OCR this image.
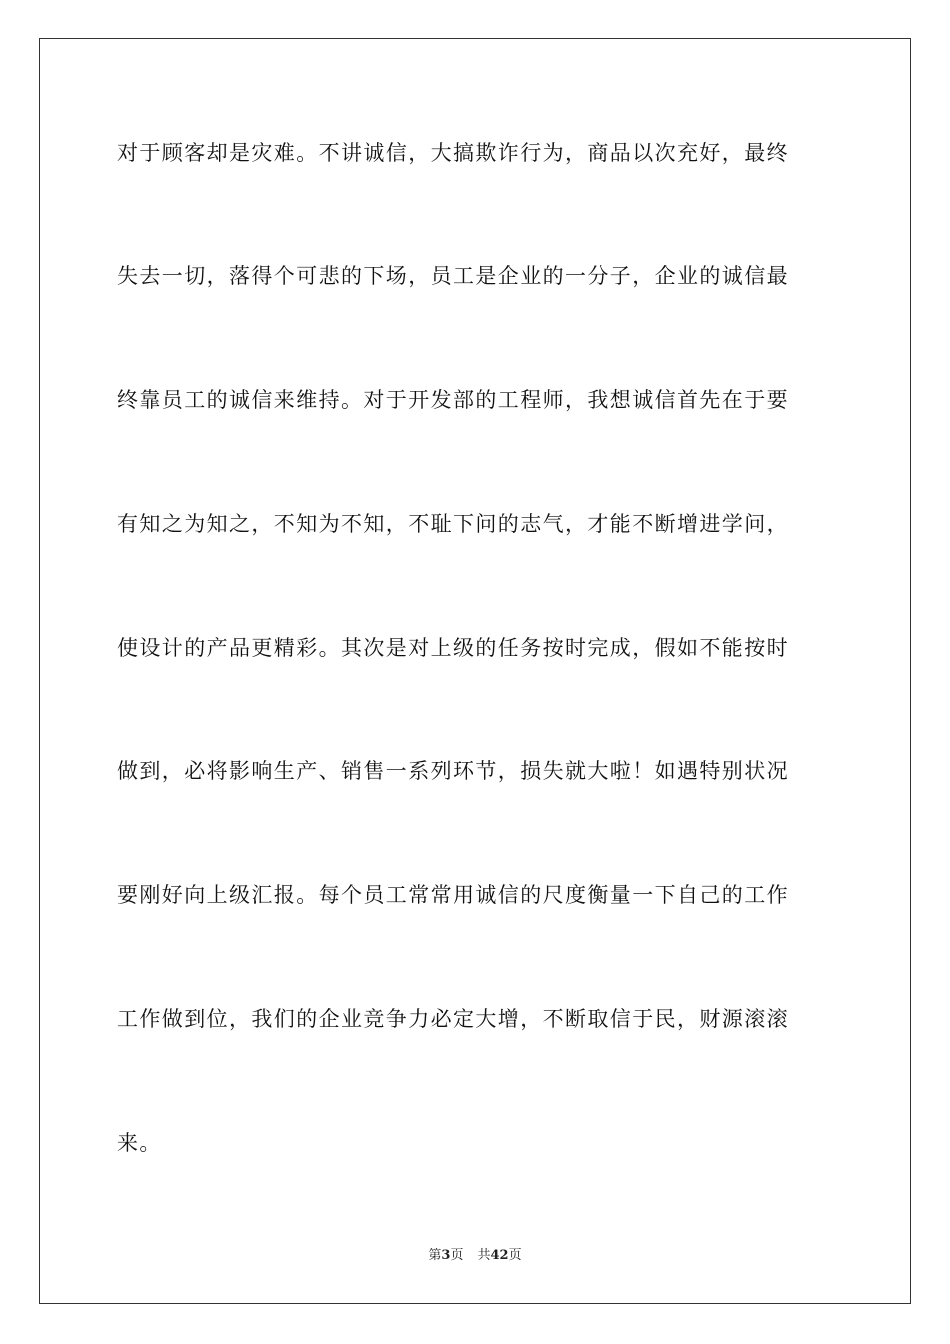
对于顾客却是灾难。不讲诚信，大搞欺诈行为，商品以次充好，最终
失去一切，落得个可悲的下场，员工是企业的一分子，企业的诚信最
终靠员工的诚信来维持。对于开发部的工程师，我想诚信首先在于要
有知之为知之，不知为不知，不耻下问的志气，才能不断增进学问，
使设计的产品更精彩。其次是对上级的任务按时完成，假如不能按时
做到，必将影响生产、销售一系列环节，损失就大啦！如遇特别状况
要刚好向上级汇报。每个员工常常用诚信的尺度衡量一下自己的工作
工作做到位，我们的企业竞争力必定大增，不断取信于民，财源滚滚
来。
第3页 共42页
